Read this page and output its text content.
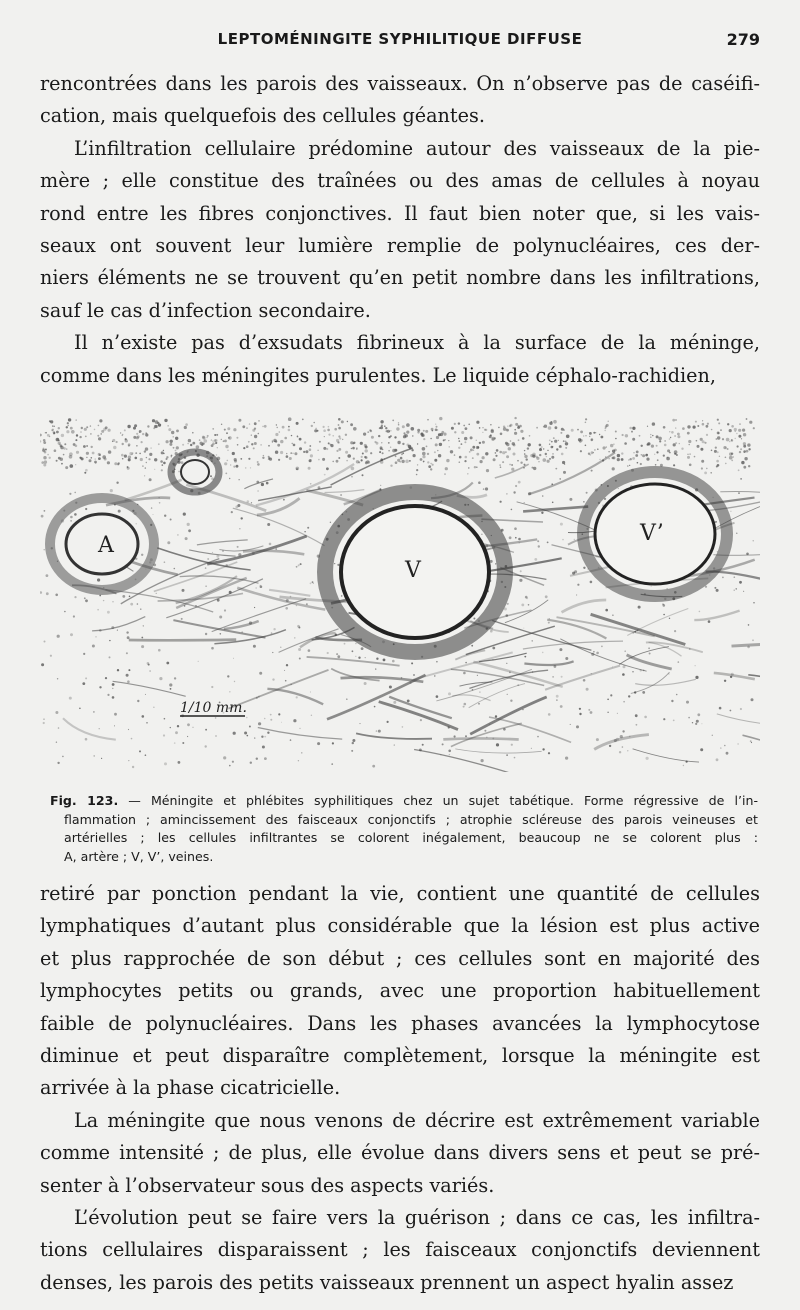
LEPTOMÉNINGITE SYPHILITIQUE DIFFUSE	279

rencontrées dans les parois des vaisseaux. On n’observe pas de caséifi-
cation, mais quelquefois des cellules géantes.

L’infiltration cellulaire prédomine autour des vaisseaux de la pie-
mère ; elle constitue des traînées ou des amas de cellules à noyau
rond entre les fibres conjonctives. Il faut bien noter que, si les vais-
seaux ont souvent leur lumière remplie de polynucléaires, ces der-
niers éléments ne se trouvent qu’en petit nombre dans les infiltrations,
sauf le cas d’infection secondaire.

Il n’existe pas d’exsudats fibrineux à la surface de la méninge,
comme dans les méningites purulentes. Le liquide céphalo-rachidien,

A
V
V’
1/10 mm.
Fig. 123. — Méningite et phlébites syphilitiques chez un sujet tabétique. Forme régressive de l’in-
flammation ; amincissement des faisceaux conjonctifs ; atrophie scléreuse des parois veineuses et
artérielles ; les cellules infiltrantes se colorent inégalement, beaucoup ne se colorent plus :
A, artère ; V, V’, veines.

retiré par ponction pendant la vie, contient une quantité de cellules
lymphatiques d’autant plus considérable que la lésion est plus active
et plus rapprochée de son début ; ces cellules sont en majorité des
lymphocytes petits ou grands, avec une proportion habituellement
faible de polynucléaires. Dans les phases avancées la lymphocytose
diminue et peut disparaître complètement, lorsque la méningite est
arrivée à la phase cicatricielle.

La méningite que nous venons de décrire est extrêmement variable
comme intensité ; de plus, elle évolue dans divers sens et peut se pré-
senter à l’observateur sous des aspects variés.

L’évolution peut se faire vers la guérison ; dans ce cas, les infiltra-
tions cellulaires disparaissent ; les faisceaux conjonctifs deviennent
denses, les parois des petits vaisseaux prennent un aspect hyalin assez
